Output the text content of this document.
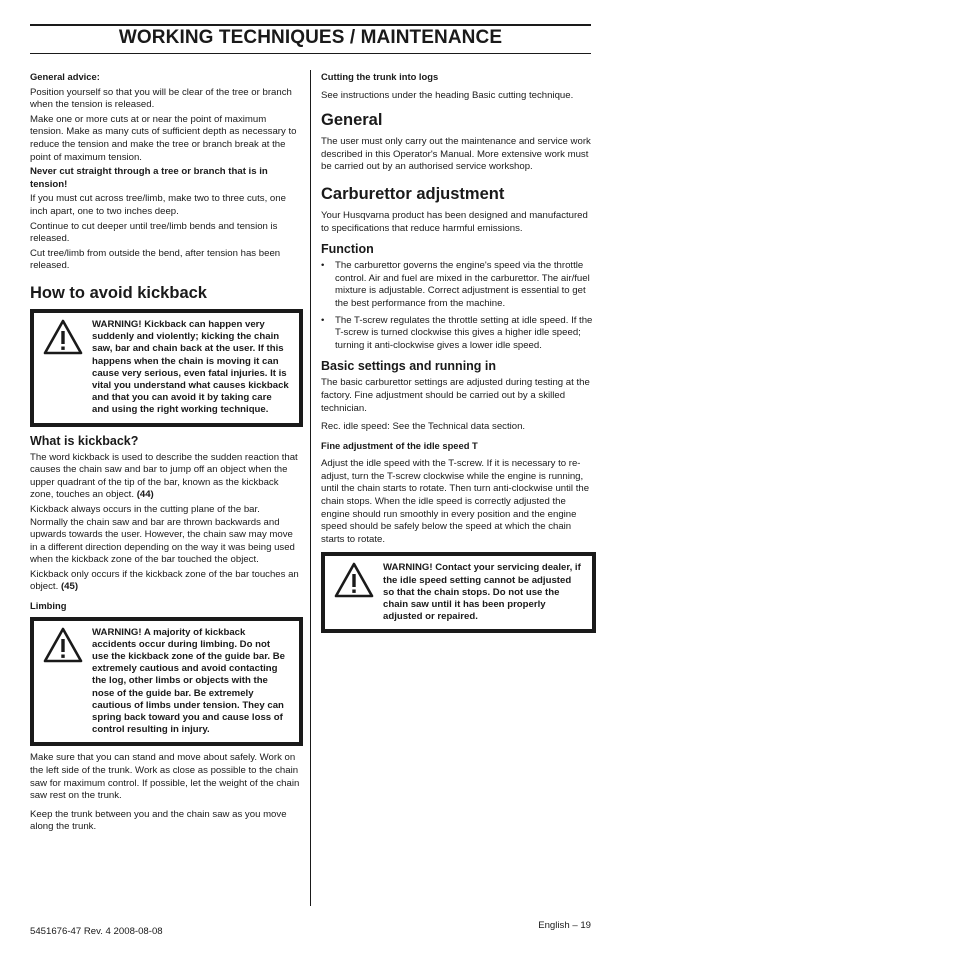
WORKING TECHNIQUES / MAINTENANCE

General advice:

Position yourself so that you will be clear of the tree or branch when the tension is released.

Make one or more cuts at or near the point of maximum tension. Make as many cuts of sufficient depth as necessary to reduce the tension and make the tree or branch break at the point of maximum tension.

Never cut straight through a tree or branch that is in tension!

If you must cut across tree/limb, make two to three cuts, one inch apart, one to two inches deep.

Continue to cut deeper until tree/limb bends and tension is released.

Cut tree/limb from outside the bend, after tension has been released.

How to avoid kickback
WARNING! Kickback can happen very suddenly and violently; kicking the chain saw, bar and chain back at the user. If this happens when the chain is moving it can cause very serious, even fatal injuries. It is vital you understand what causes kickback and that you can avoid it by taking care and using the right working technique.
What is kickback?

The word kickback is used to describe the sudden reaction that causes the chain saw and bar to jump off an object when the upper quadrant of the tip of the bar, known as the kickback zone, touches an object. (44)

Kickback always occurs in the cutting plane of the bar. Normally the chain saw and bar are thrown backwards and upwards towards the user. However, the chain saw may move in a different direction depending on the way it was being used when the kickback zone of the bar touched the object.

Kickback only occurs if the kickback zone of the bar touches an object. (45)

Limbing

WARNING! A majority of kickback accidents occur during limbing. Do not use the kickback zone of the guide bar. Be extremely cautious and avoid contacting the log, other limbs or objects with the nose of the guide bar. Be extremely cautious of limbs under tension. They can spring back toward you and cause loss of control resulting in injury.

Make sure that you can stand and move about safely. Work on the left side of the trunk. Work as close as possible to the chain saw for maximum control. If possible, let the weight of the chain saw rest on the trunk.

Keep the trunk between you and the chain saw as you move along the trunk.

Cutting the trunk into logs

See instructions under the heading Basic cutting technique.

General

The user must only carry out the maintenance and service work described in this Operator's Manual. More extensive work must be carried out by an authorised service workshop.

Carburettor adjustment

Your Husqvarna product has been designed and manufactured to specifications that reduce harmful emissions.

Function
• The carburettor governs the engine's speed via the throttle control. Air and fuel are mixed in the carburettor. The air/fuel mixture is adjustable. Correct adjustment is essential to get the best performance from the machine.
• The T-screw regulates the throttle setting at idle speed. If the T-screw is turned clockwise this gives a higher idle speed; turning it anti-clockwise gives a lower idle speed.
Basic settings and running in

The basic carburettor settings are adjusted during testing at the factory. Fine adjustment should be carried out by a skilled technician.

Rec. idle speed: See the Technical data section.

Fine adjustment of the idle speed T

Adjust the idle speed with the T-screw. If it is necessary to re-adjust, turn the T-screw clockwise while the engine is running, until the chain starts to rotate. Then turn anti-clockwise until the chain stops. When the idle speed is correctly adjusted the engine should run smoothly in every position and the engine speed should be safely below the speed at which the chain starts to rotate.

WARNING! Contact your servicing dealer, if the idle speed setting cannot be adjusted so that the chain stops. Do not use the chain saw until it has been properly adjusted or repaired.
5451676-47 Rev. 4 2008-08-08
English – 19
